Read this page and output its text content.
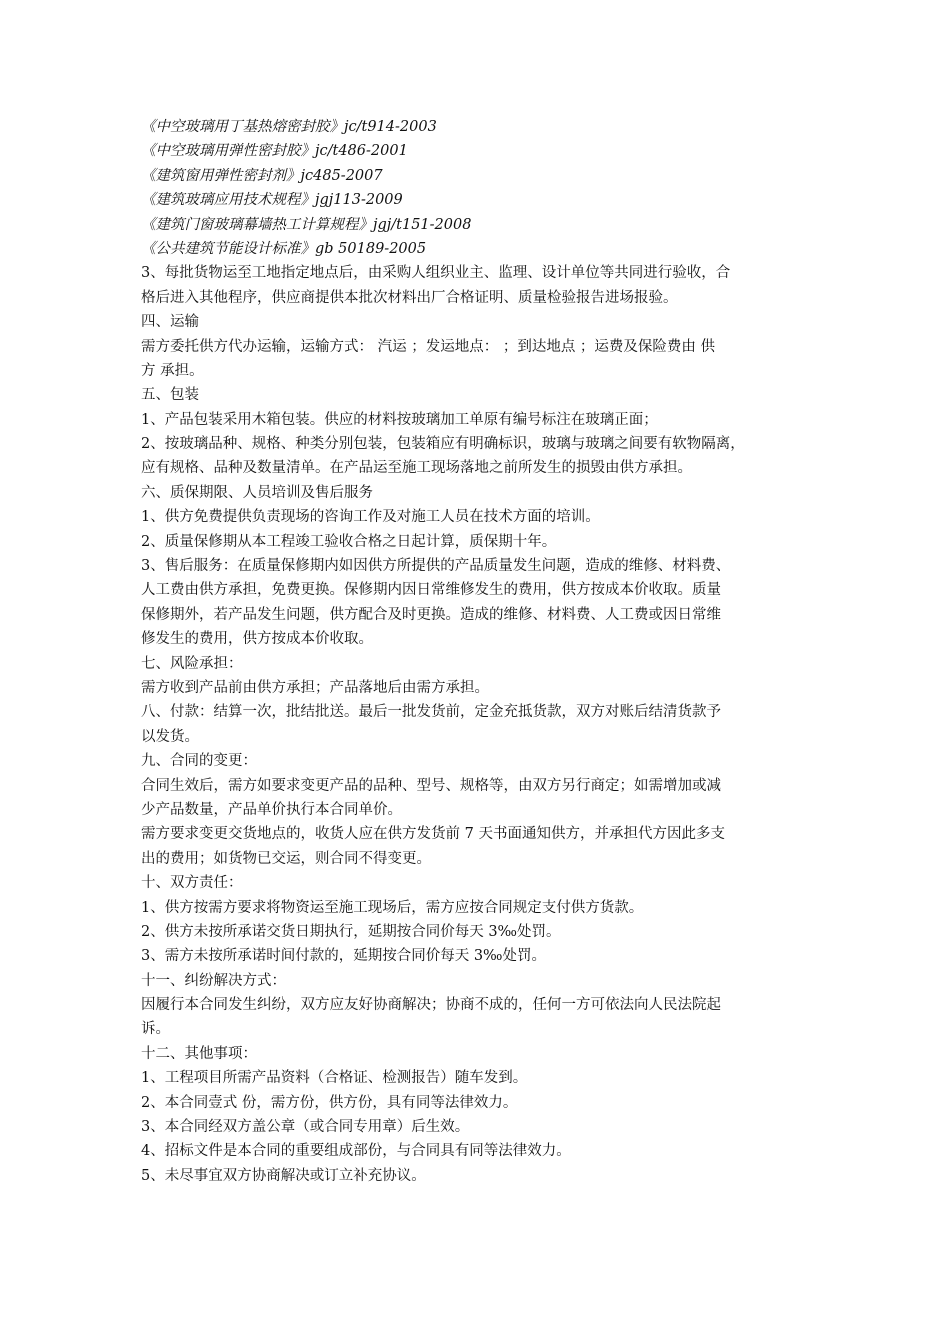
《中空玻璃用丁基热熔密封胶》jc/t914-2003
《中空玻璃用弹性密封胶》jc/t486-2001
《建筑窗用弹性密封剂》jc485-2007
《建筑玻璃应用技术规程》jgj113-2009
《建筑门窗玻璃幕墙热工计算规程》jgj/t151-2008
《公共建筑节能设计标准》gb 50189-2005
3、每批货物运至工地指定地点后，由采购人组织业主、监理、设计单位等共同进行验收，合
格后进入其他程序，供应商提供本批次材料出厂合格证明、质量检验报告进场报验。
四、运输
需方委托供方代办运输，运输方式： 汽运 ；发运地点： ；到达地点 ；运费及保险费由 供
方 承担。
五、包装
1、产品包装采用木箱包装。供应的材料按玻璃加工单原有编号标注在玻璃正面；
2、按玻璃品种、规格、种类分别包装，包装箱应有明确标识，玻璃与玻璃之间要有软物隔离，
应有规格、品种及数量清单。在产品运至施工现场落地之前所发生的损毁由供方承担。
六、质保期限、人员培训及售后服务
1、供方免费提供负责现场的咨询工作及对施工人员在技术方面的培训。
2、质量保修期从本工程竣工验收合格之日起计算，质保期十年。
3、售后服务：在质量保修期内如因供方所提供的产品质量发生问题，造成的维修、材料费、
人工费由供方承担，免费更换。保修期内因日常维修发生的费用，供方按成本价收取。质量
保修期外，若产品发生问题，供方配合及时更换。造成的维修、材料费、人工费或因日常维
修发生的费用，供方按成本价收取。
七、风险承担：
需方收到产品前由供方承担；产品落地后由需方承担。
八、付款：结算一次，批结批送。最后一批发货前，定金充抵货款，双方对账后结清货款予
以发货。
九、合同的变更：
合同生效后，需方如要求变更产品的品种、型号、规格等，由双方另行商定；如需增加或减
少产品数量，产品单价执行本合同单价。
需方要求变更交货地点的，收货人应在供方发货前 7 天书面通知供方，并承担代方因此多支
出的费用；如货物已交运，则合同不得变更。
十、双方责任：
1、供方按需方要求将物资运至施工现场后，需方应按合同规定支付供方货款。
2、供方未按所承诺交货日期执行，延期按合同价每天 3‰处罚。
3、需方未按所承诺时间付款的，延期按合同价每天 3‰处罚。
十一、纠纷解决方式：
因履行本合同发生纠纷，双方应友好协商解决；协商不成的，任何一方可依法向人民法院起
诉。
十二、其他事项：
1、工程项目所需产品资料（合格证、检测报告）随车发到。
2、本合同壹式 份，需方份，供方份，具有同等法律效力。
3、本合同经双方盖公章（或合同专用章）后生效。
4、招标文件是本合同的重要组成部份，与合同具有同等法律效力。
5、未尽事宜双方协商解决或订立补充协议。
